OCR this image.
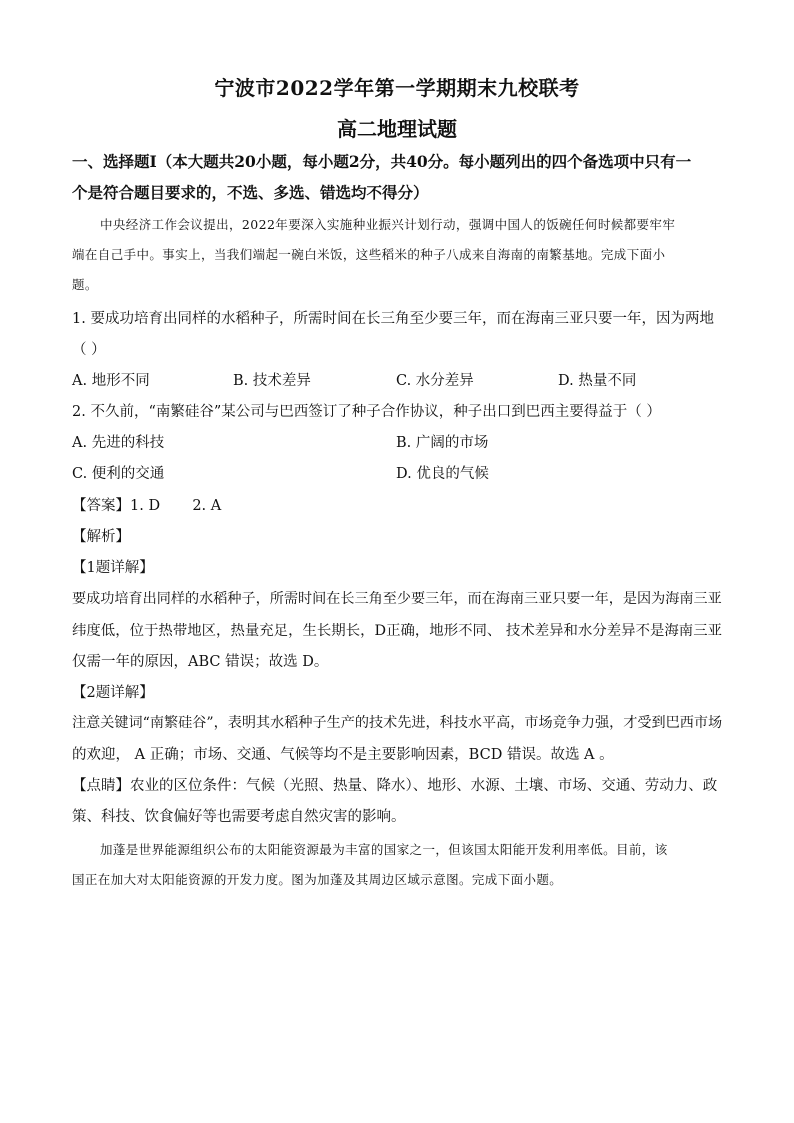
宁波市2022学年第一学期期末九校联考
高二地理试题
一、选择题Ⅰ（本大题共20小题，每小题2分，共40分。每小题列出的四个备选项中只有一
个是符合题目要求的，不选、多选、错选均不得分）
中央经济工作会议提出，2022年要深入实施种业振兴计划行动，强调中国人的饭碗任何时候都要牢牢
端在自己手中。事实上，当我们端起一碗白米饭，这些稻米的种子八成来自海南的南繁基地。完成下面小
题。
1. 要成功培育出同样的水稻种子，所需时间在长三角至少要三年，而在海南三亚只要一年，因为两地
（ ）
A. 地形不同	B. 技术差异	C. 水分差异	D. 热量不同
2. 不久前，“南繁硅谷”某公司与巴西签订了种子合作协议，种子出口到巴西主要得益于（ ）
A. 先进的科技	B. 广阔的市场
C. 便利的交通	D. 优良的气候
【答案】1. D       2. A
【解析】
【1题详解】
要成功培育出同样的水稻种子，所需时间在长三角至少要三年，而在海南三亚只要一年，是因为海南三亚
纬度低，位于热带地区，热量充足，生长期长，D正确，地形不同、 技术差异和水分差异不是海南三亚
仅需一年的原因，ABC 错误；故选 D。
【2题详解】
注意关键词“南繁硅谷”，表明其水稻种子生产的技术先进，科技水平高，市场竞争力强，才受到巴西市场
的欢迎， A 正确；市场、交通、气候等均不是主要影响因素，BCD 错误。故选 A 。
【点睛】农业的区位条件：气候（光照、热量、降水）、地形、水源、土壤、市场、交通、劳动力、政
策、科技、饮食偏好等也需要考虑自然灾害的影响。
加蓬是世界能源组织公布的太阳能资源最为丰富的国家之一，但该国太阳能开发利用率低。目前，该
国正在加大对太阳能资源的开发力度。图为加蓬及其周边区域示意图。完成下面小题。
